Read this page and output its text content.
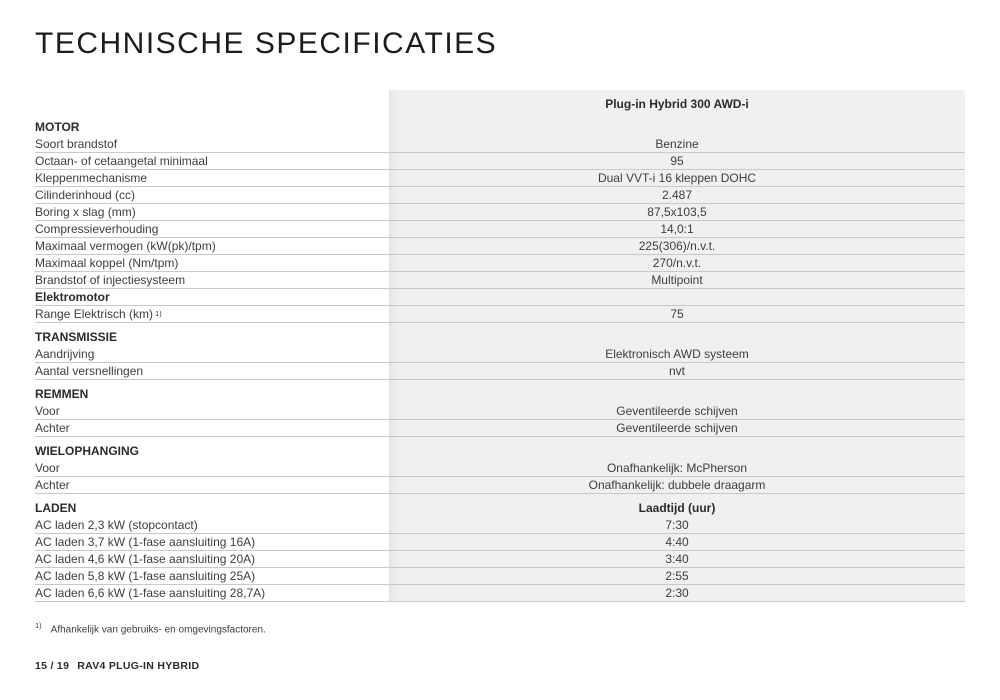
TECHNISCHE SPECIFICATIES
Plug-in Hybrid 300 AWD-i
MOTOR
Soort brandstof	Benzine
Octaan- of cetaangetal minimaal	95
Kleppenmechanisme	Dual VVT-i 16 kleppen DOHC
Cilinderinhoud (cc)	2.487
Boring x slag (mm)	87,5x103,5
Compressieverhouding	14,0:1
Maximaal vermogen (kW(pk)/tpm)	225(306)/n.v.t.
Maximaal koppel (Nm/tpm)	270/n.v.t.
Brandstof of injectiesysteem	Multipoint
Elektromotor
Range Elektrisch (km) 1)	75
TRANSMISSIE
Aandrijving	Elektronisch AWD systeem
Aantal versnellingen	nvt
REMMEN
Voor	Geventileerde schijven
Achter	Geventileerde schijven
WIELOPHANGING
Voor	Onafhankelijk: McPherson
Achter	Onafhankelijk: dubbele draagarm
LADEN	Laadtijd (uur)
AC laden 2,3 kW (stopcontact)	7:30
AC laden 3,7 kW (1-fase aansluiting 16A)	4:40
AC laden 4,6 kW (1-fase aansluiting 20A)	3:40
AC laden 5,8 kW (1-fase aansluiting 25A)	2:55
AC laden 6,6 kW (1-fase aansluiting 28,7A)	2:30
$^{1)}$ Afhankelijk van gebruiks- en omgevingsfactoren.
15 / 19 RAV4 PLUG-IN HYBRID
